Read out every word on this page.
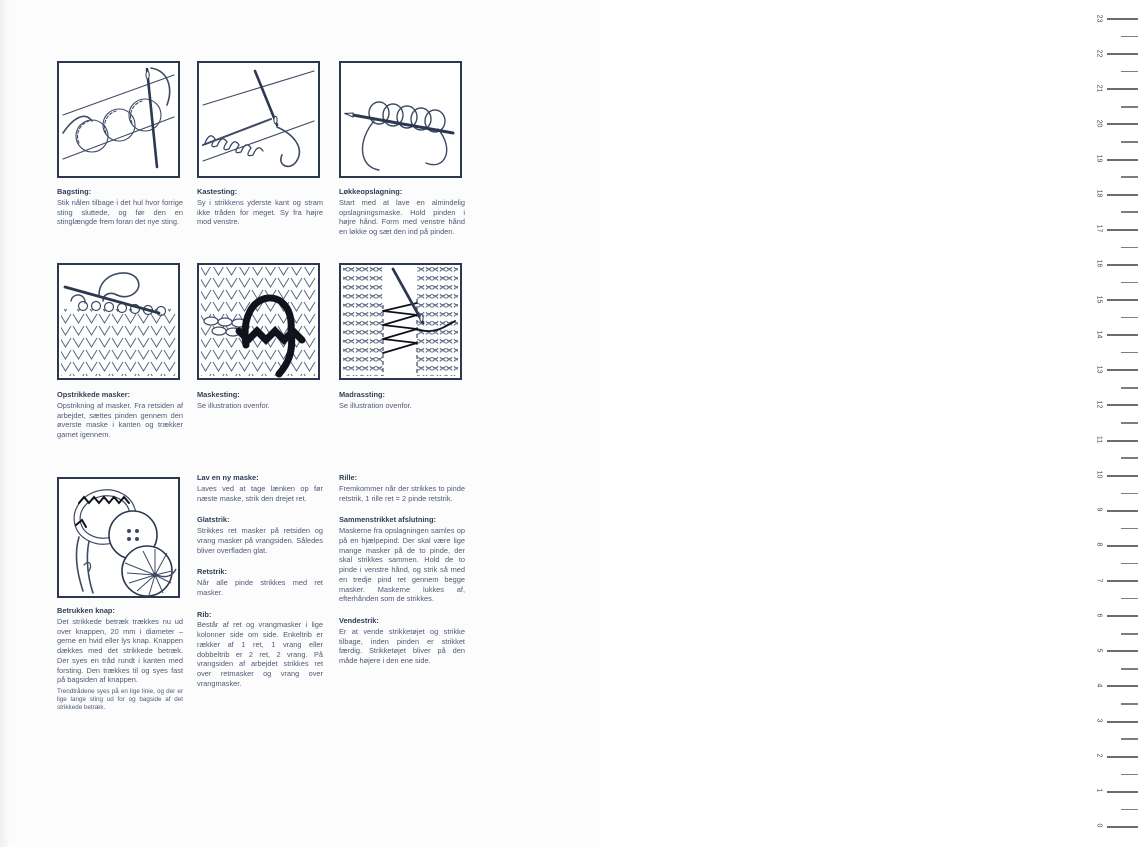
Bagsting:

Stik nålen tilbage i det hul hvor forrige sting sluttede, og før den en stinglængde frem foran det nye sting.

Kastesting:

Sy i strikkens yderste kant og stram ikke tråden for meget. Sy fra højre mod venstre.

Løkkeopslagning:

Start med at lave en almindelig opslagningsmaske. Hold pinden i højre hånd. Form med venstre hånd en løkke og sæt den ind på pinden.

Opstrikkede masker:

Opstrikning af masker. Fra retsiden af arbejdet, sættes pinden gennem den øverste maske i kanten og trækker garnet igennem.

Maskesting:

Se illustration ovenfor.

Madrassting:

Se illustration ovenfor.

Betrukken knap:

Det strikkede betræk trækkes nu ud over knappen, 20 mm i diameter – gerne en hvid eller lys knap. Knappen dækkes med det strikkede betræk. Der syes en tråd rundt i kanten med forsting. Den trækkes til og syes fast på bagsiden af knappen.

Trendtrådene syes på en lige linie, og der er lige lange sting ud for og bagside af det strikkede betræk.

Lav en ny maske:

Laves ved at tage lænken op før næste maske, strik den drejet ret.

Glatstrik:

Strikkes ret masker på retsiden og vrang masker på vrangsiden. Således bliver overfladen glat.

Retstrik:

Når alle pinde strikkes med ret masker.

Rib:

Består af ret og vrangmasker i lige kolonner side om side. Enkeltrib er rækker af 1 ret, 1 vrang eller dobbeltrib er 2 ret, 2 vrang. På vrangsiden af arbejdet strikkes ret over retmasker og vrang over vrangmasker.

Rille:

Fremkommer når der strikkes to pinde retstrik, 1 rille ret = 2 pinde retstrik.

Sammenstrikket afslutning:

Maskerne fra opslagningen samles op på en hjælpepind. Der skal være lige mange masker på de to pinde, der skal strikkes sammen. Hold de to pinde i venstre hånd, og strik så med en tredje pind ret gennem begge masker. Maskerne lukkes af, efterhånden som de strikkes.

Vendestrik:

Er at vende strikketøjet og strikke tilbage, inden pinden er strikket færdig. Strikketøjet bliver på den måde højere i den ene side.

23
22
21
20
19
18
17
16
15
14
13
12
11
10
9
8
7
6
5
4
3
2
1
0
